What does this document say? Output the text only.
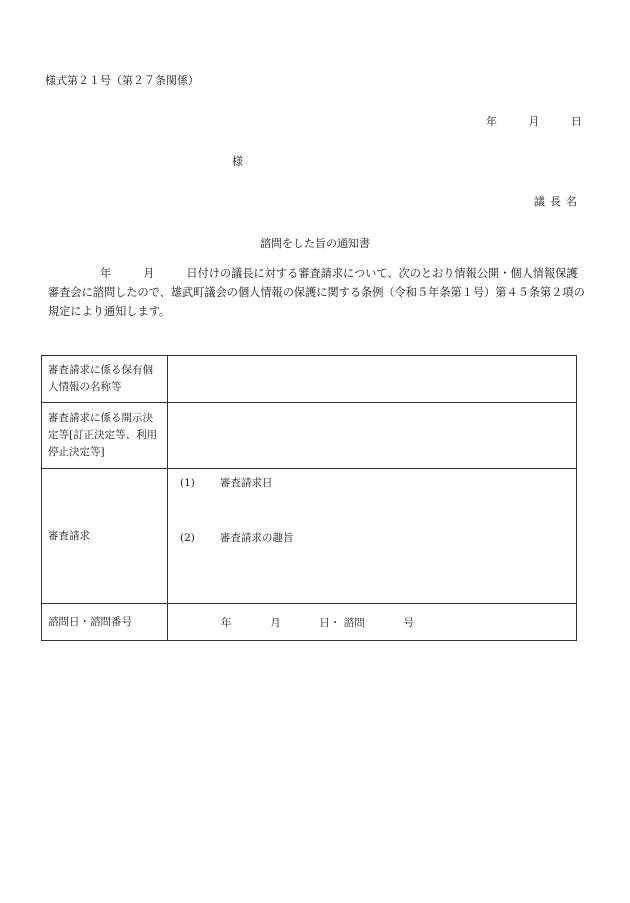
様式第２１号（第２７条関係）
年	月	日
様
議長名
諮問をした旨の通知書

年	月	日付けの議長に対する審査請求について、次のとおり情報公開・個人情報保護審査会に諮問したので、雄武町議会の個人情報の保護に関する条例（令和５年条第１号）第４５条第２項の規定により通知します。

審査請求に係る保有個人情報の名称等	
審査請求に係る開示決定等[訂正決定等、利用停止決定等]	
審査請求	(1) 審査請求日
(2) 審査請求の趣旨

諮問日・諮問番号	年 月 日・ 諮問 号
